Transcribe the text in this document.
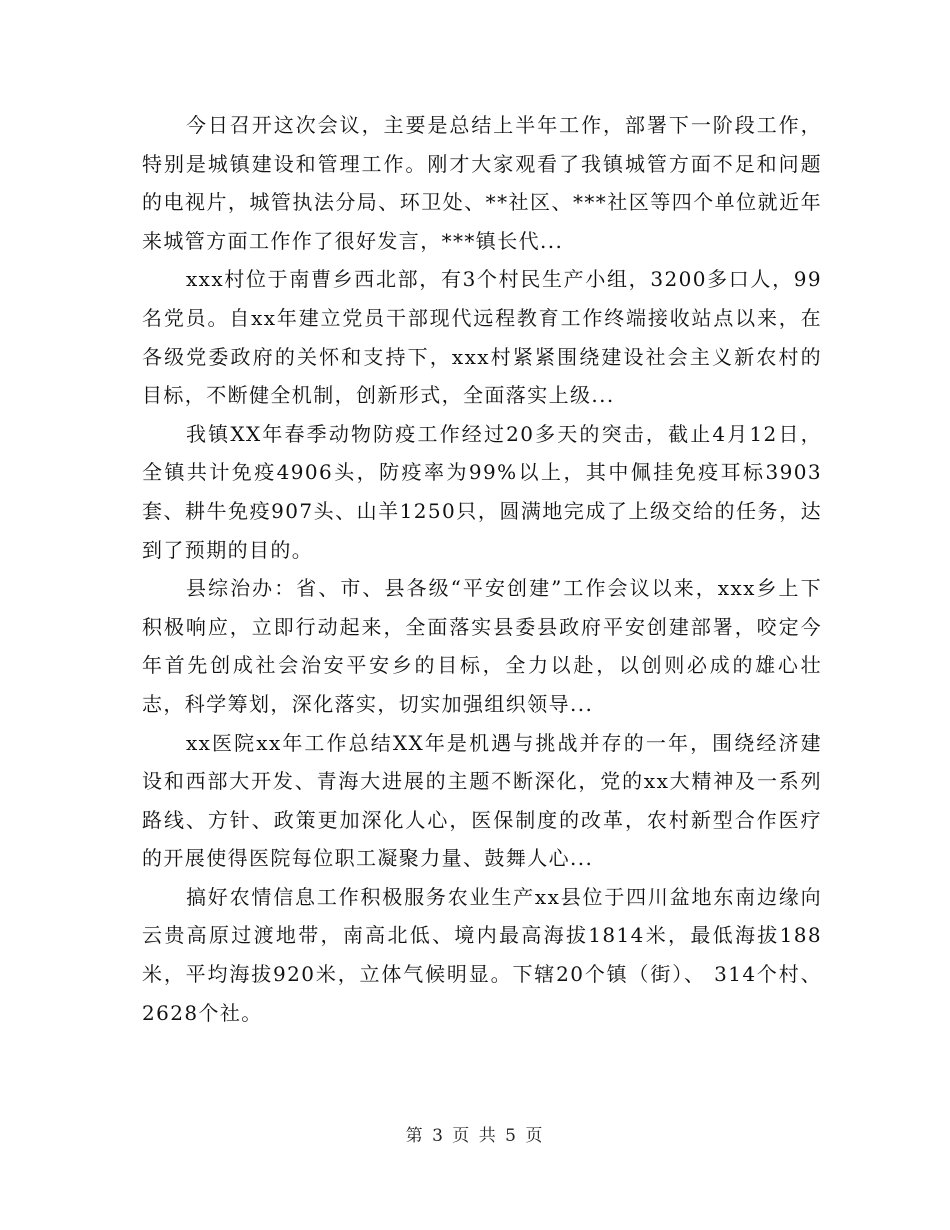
今日召开这次会议，主要是总结上半年工作，部署下一阶段工作，特别是城镇建设和管理工作。刚才大家观看了我镇城管方面不足和问题的电视片，城管执法分局、环卫处、**社区、***社区等四个单位就近年来城管方面工作作了很好发言，***镇长代...

xxx村位于南曹乡西北部，有3个村民生产小组，3200多口人，99名党员。自xx年建立党员干部现代远程教育工作终端接收站点以来，在各级党委政府的关怀和支持下，xxx村紧紧围绕建设社会主义新农村的目标，不断健全机制，创新形式，全面落实上级...

我镇XX年春季动物防疫工作经过20多天的突击，截止4月12日，全镇共计免疫4906头，防疫率为99%以上，其中佩挂免疫耳标3903套、耕牛免疫907头、山羊1250只，圆满地完成了上级交给的任务，达到了预期的目的。

县综治办：省、市、县各级“平安创建”工作会议以来，xxx乡上下积极响应，立即行动起来，全面落实县委县政府平安创建部署，咬定今年首先创成社会治安平安乡的目标，全力以赴，以创则必成的雄心壮志，科学筹划，深化落实，切实加强组织领导...

xx医院xx年工作总结XX年是机遇与挑战并存的一年，围绕经济建设和西部大开发、青海大进展的主题不断深化，党的xx大精神及一系列路线、方针、政策更加深化人心，医保制度的改革，农村新型合作医疗的开展使得医院每位职工凝聚力量、鼓舞人心...

搞好农情信息工作积极服务农业生产xx县位于四川盆地东南边缘向云贵高原过渡地带，南高北低、境内最高海拔1814米，最低海拔188米，平均海拔920米，立体气候明显。下辖20个镇（街）、 314个村、2628个社。

第 3 页 共 5 页
